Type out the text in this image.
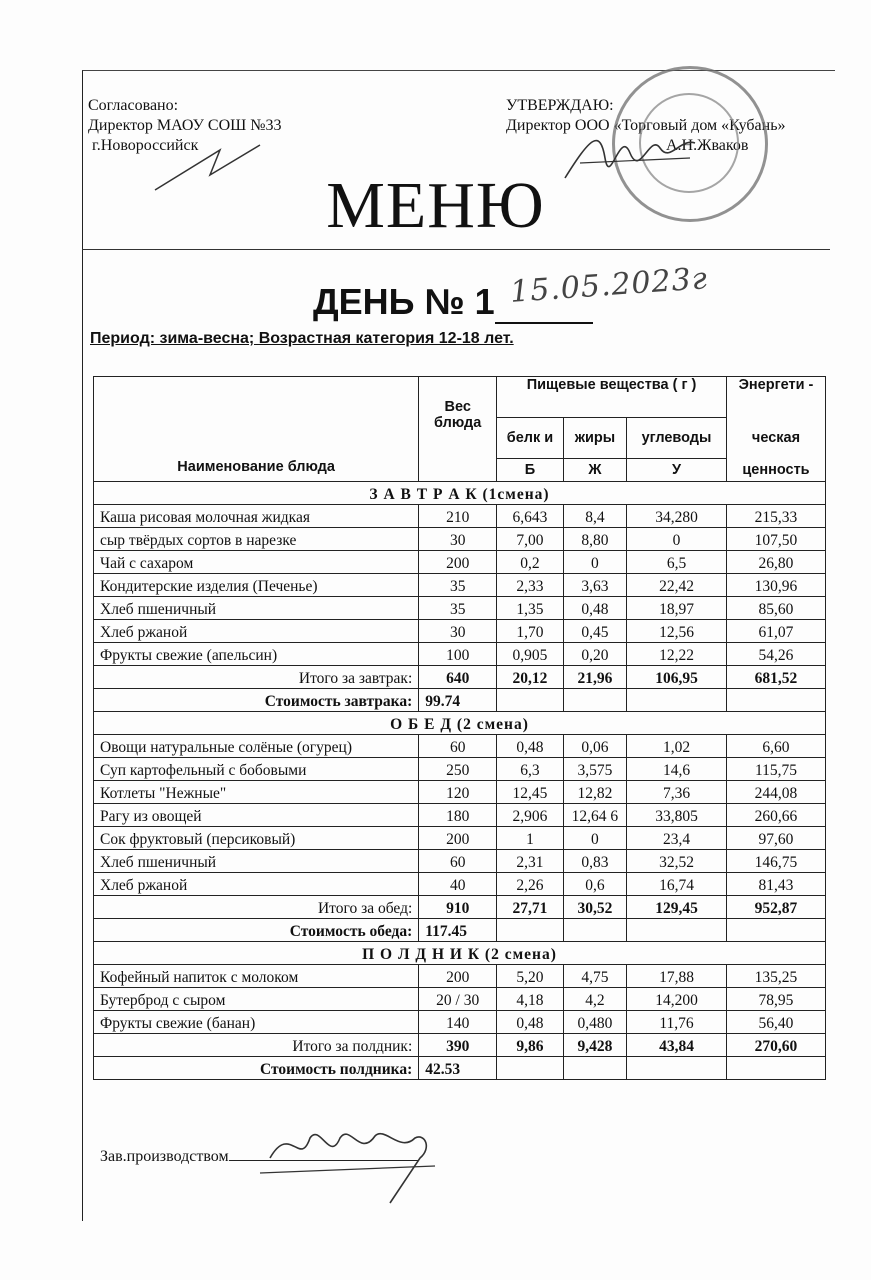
Согласовано:
Директор МАОУ СОШ №33
г.Новороссийск
УТВЕРЖДАЮ:
Директор ООО «Торговый дом «Кубань»
А.Н.Жваков
МЕНЮ
ДЕНЬ № 1 15.05.2023г
Период: зима-весна; Возрастная категория 12-18 лет.
Наименование блюда	Вес блюда	Пищевые вещества ( г )			Энергети -
		белк и	жиры	углеводы	ческая
		Б	Ж	У	ценность
З А В Т Р А К (1смена)					
Каша рисовая молочная жидкая	210	6,643	8,4	34,280	215,33
сыр твёрдых сортов в нарезке	30	7,00	8,80	0	107,50
Чай с сахаром	200	0,2	0	6,5	26,80
Кондитерские изделия (Печенье)	35	2,33	3,63	22,42	130,96
Хлеб пшеничный	35	1,35	0,48	18,97	85,60
Хлеб ржаной	30	1,70	0,45	12,56	61,07
Фрукты свежие (апельсин)	100	0,905	0,20	12,22	54,26
Итого за завтрак:	640	20,12	21,96	106,95	681,52
Стоимость завтрака:	99.74				
О Б Е Д (2 смена)					
Овощи натуральные солёные (огурец)	60	0,48	0,06	1,02	6,60
Суп картофельный с бобовыми	250	6,3	3,575	14,6	115,75
Котлеты "Нежные"	120	12,45	12,82	7,36	244,08
Рагу из овощей	180	2,906	12,64 6	33,805	260,66
Сок фруктовый (персиковый)	200	1	0	23,4	97,60
Хлеб пшеничный	60	2,31	0,83	32,52	146,75
Хлеб ржаной	40	2,26	0,6	16,74	81,43
Итого за обед:	910	27,71	30,52	129,45	952,87
Стоимость обеда:	117.45				
П О Л Д Н И К (2 смена)					
Кофейный напиток с молоком	200	5,20	4,75	17,88	135,25
Бутерброд с сыром	20 / 30	4,18	4,2	14,200	78,95
Фрукты свежие (банан)	140	0,48	0,480	11,76	56,40
Итого за полдник:	390	9,86	9,428	43,84	270,60
Стоимость полдника:	42.53				
Зав.производством
